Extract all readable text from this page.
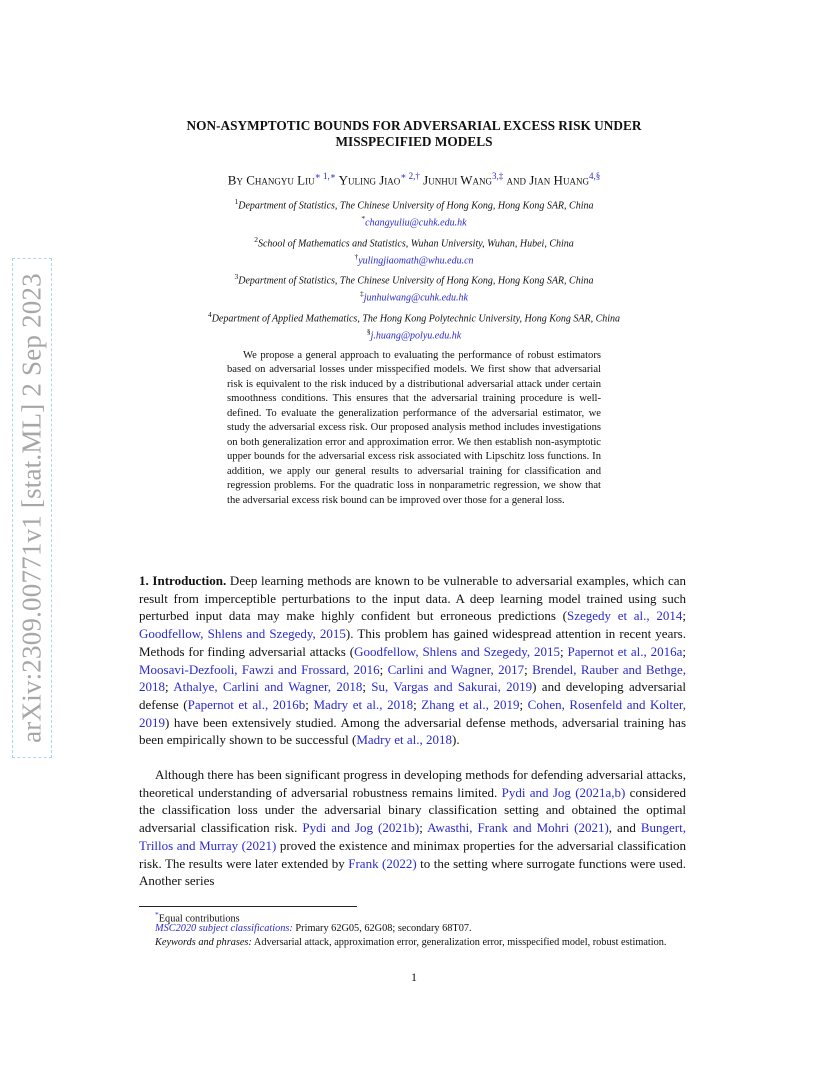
arXiv:2309.00771v1 [stat.ML] 2 Sep 2023
NON-ASYMPTOTIC BOUNDS FOR ADVERSARIAL EXCESS RISK UNDER
MISSPECIFIED MODELS
By Changyu Liu$^{∗ 1,∗}$ Yuling Jiao$^{∗ 2,\dagger}$ Junhui Wang$^{3,\ddagger}$ and Jian Huang$^{4,\S}$
$^1$Department of Statistics, The Chinese University of Hong Kong, Hong Kong SAR, China
*changyuliu@cuhk.edu.hk
$^2$School of Mathematics and Statistics, Wuhan University, Wuhan, Hubei, China
†yulingjiaomath@whu.edu.cn
$^3$Department of Statistics, The Chinese University of Hong Kong, Hong Kong SAR, China
‡junhuiwang@cuhk.edu.hk
$^4$Department of Applied Mathematics, The Hong Kong Polytechnic University, Hong Kong SAR, China
§j.huang@polyu.edu.hk
We propose a general approach to evaluating the performance of robust estimators based on adversarial losses under misspecified models. We first show that adversarial risk is equivalent to the risk induced by a distributional adversarial attack under certain smoothness conditions. This ensures that the adversarial training procedure is well-defined. To evaluate the generalization performance of the adversarial estimator, we study the adversarial excess risk. Our proposed analysis method includes investigations on both generalization error and approximation error. We then establish non-asymptotic upper bounds for the adversarial excess risk associated with Lipschitz loss functions. In addition, we apply our general results to adversarial training for classification and regression problems. For the quadratic loss in nonparametric regression, we show that the adversarial excess risk bound can be improved over those for a general loss.
1. Introduction. Deep learning methods are known to be vulnerable to adversarial examples, which can result from imperceptible perturbations to the input data. A deep learning model trained using such perturbed input data may make highly confident but erroneous predictions (Szegedy et al., 2014; Goodfellow, Shlens and Szegedy, 2015). This problem has gained widespread attention in recent years. Methods for finding adversarial attacks (Goodfellow, Shlens and Szegedy, 2015; Papernot et al., 2016a; Moosavi-Dezfooli, Fawzi and Frossard, 2016; Carlini and Wagner, 2017; Brendel, Rauber and Bethge, 2018; Athalye, Carlini and Wagner, 2018; Su, Vargas and Sakurai, 2019) and developing adversarial defense (Papernot et al., 2016b; Madry et al., 2018; Zhang et al., 2019; Cohen, Rosenfeld and Kolter, 2019) have been extensively studied. Among the adversarial defense methods, adversarial training has been empirically shown to be successful (Madry et al., 2018).
Although there has been significant progress in developing methods for defending adversarial attacks, theoretical understanding of adversarial robustness remains limited. Pydi and Jog (2021a,b) considered the classification loss under the adversarial binary classification setting and obtained the optimal adversarial classification risk. Pydi and Jog (2021b); Awasthi, Frank and Mohri (2021), and Bungert, Trillos and Murray (2021) proved the existence and minimax properties for the adversarial classification risk. The results were later extended by Frank (2022) to the setting where surrogate functions were used. Another series
*Equal contributions
MSC2020 subject classifications: Primary 62G05, 62G08; secondary 68T07.
Keywords and phrases: Adversarial attack, approximation error, generalization error, misspecified model, robust estimation.
1
